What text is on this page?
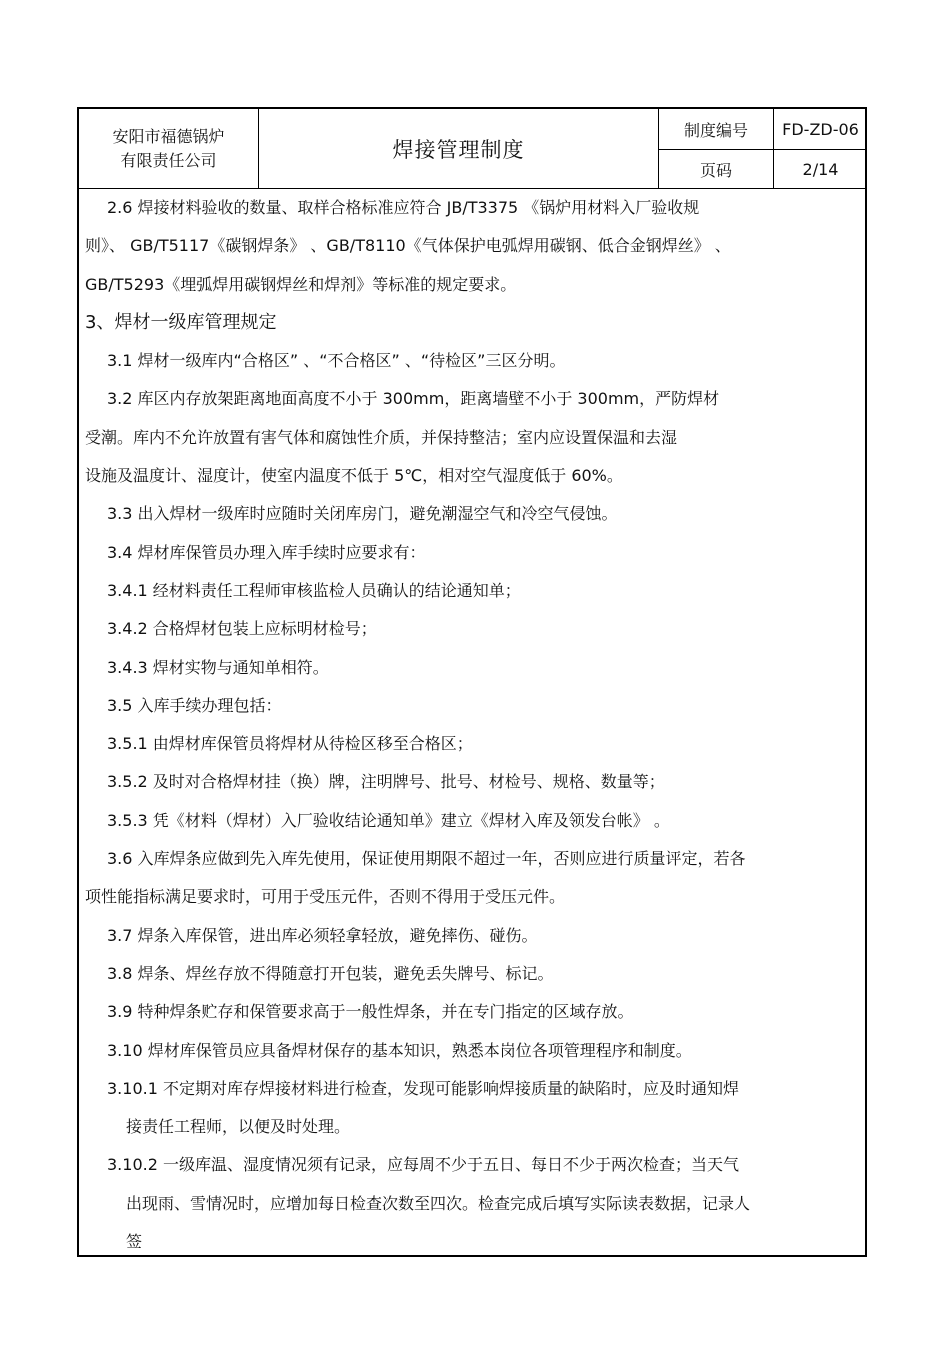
安阳市福德锅炉
有限责任公司	焊接管理制度
制度编号	FD-ZD-06
页码	2/14

2.6 焊接材料验收的数量、取样合格标准应符合 JB/T3375 《锅炉用材料入厂验收规

则》、 GB/T5117《碳钢焊条》 、GB/T8110《气体保护电弧焊用碳钢、低合金钢焊丝》 、

GB/T5293《埋弧焊用碳钢焊丝和焊剂》等标准的规定要求。

3、焊材一级库管理规定

3.1 焊材一级库内“合格区” 、“不合格区” 、“待检区”三区分明。

3.2 库区内存放架距离地面高度不小于 300mm，距离墙壁不小于 300mm，严防焊材

受潮。库内不允许放置有害气体和腐蚀性介质，并保持整洁；室内应设置保温和去湿

设施及温度计、湿度计，使室内温度不低于 5℃，相对空气湿度低于 60%。

3.3 出入焊材一级库时应随时关闭库房门，避免潮湿空气和冷空气侵蚀。

3.4 焊材库保管员办理入库手续时应要求有：

3.4.1 经材料责任工程师审核监检人员确认的结论通知单；

3.4.2 合格焊材包装上应标明材检号；

3.4.3 焊材实物与通知单相符。

3.5 入库手续办理包括：

3.5.1 由焊材库保管员将焊材从待检区移至合格区；

3.5.2 及时对合格焊材挂（换）牌，注明牌号、批号、材检号、规格、数量等；

3.5.3 凭《材料（焊材）入厂验收结论通知单》建立《焊材入库及领发台帐》 。

3.6 入库焊条应做到先入库先使用，保证使用期限不超过一年，否则应进行质量评定，若各

项性能指标满足要求时，可用于受压元件，否则不得用于受压元件。

3.7 焊条入库保管，进出库必须轻拿轻放，避免摔伤、碰伤。

3.8 焊条、焊丝存放不得随意打开包装，避免丢失牌号、标记。

3.9 特种焊条贮存和保管要求高于一般性焊条，并在专门指定的区域存放。

3.10 焊材库保管员应具备焊材保存的基本知识，熟悉本岗位各项管理程序和制度。

3.10.1 不定期对库存焊接材料进行检查，发现可能影响焊接质量的缺陷时，应及时通知焊

接责任工程师，以便及时处理。

3.10.2 一级库温、湿度情况须有记录，应每周不少于五日、每日不少于两次检查；当天气

出现雨、雪情况时，应增加每日检查次数至四次。检查完成后填写实际读表数据，记录人

签
